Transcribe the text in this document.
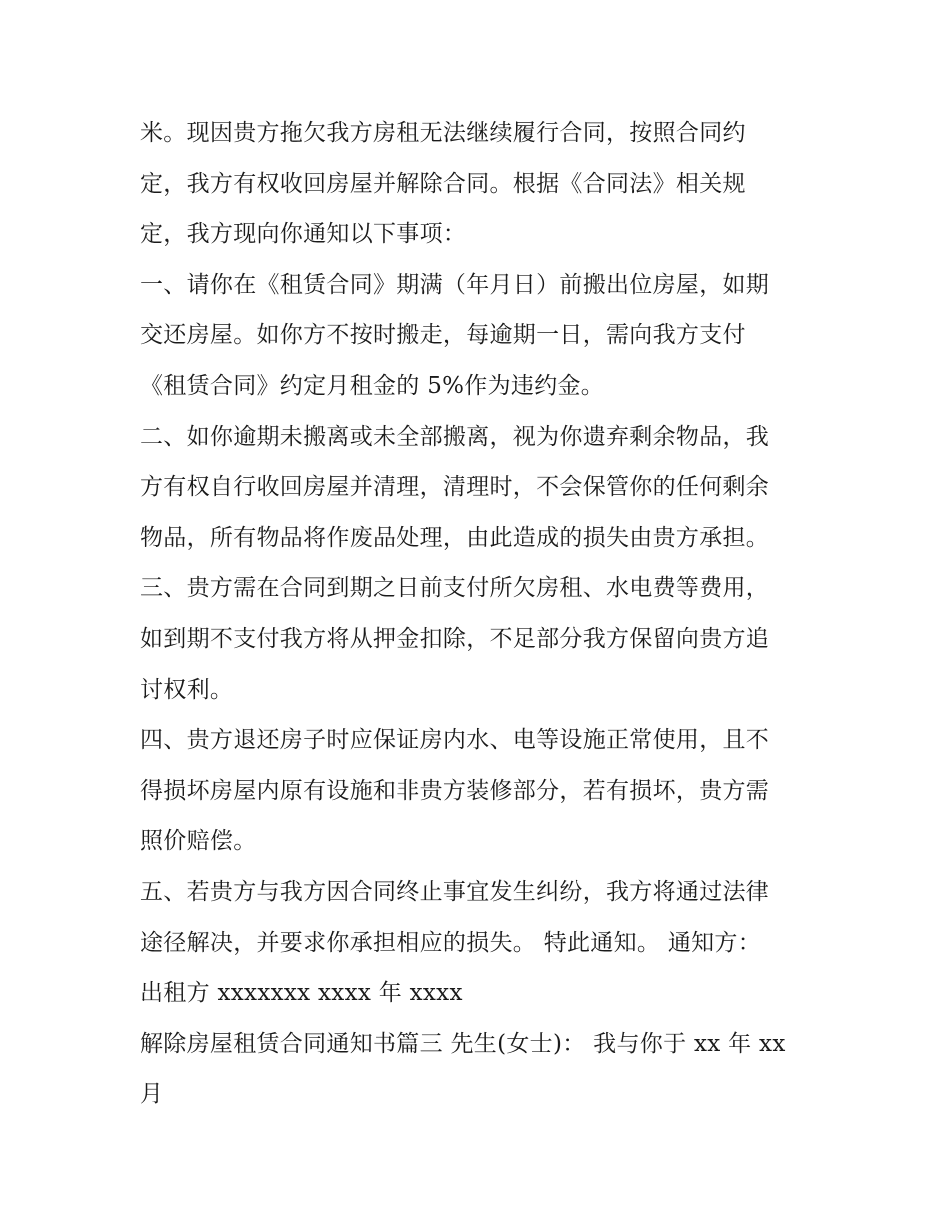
米。现因贵方拖欠我方房租无法继续履行合同，按照合同约
定，我方有权收回房屋并解除合同。根据《合同法》相关规
定，我方现向你通知以下事项：
一、请你在《租赁合同》期满（年月日）前搬出位房屋，如期
交还房屋。如你方不按时搬走，每逾期一日，需向我方支付
《租赁合同》约定月租金的 5%作为违约金。
二、如你逾期未搬离或未全部搬离，视为你遗弃剩余物品，我
方有权自行收回房屋并清理，清理时，不会保管你的任何剩余
物品，所有物品将作废品处理，由此造成的损失由贵方承担。
三、贵方需在合同到期之日前支付所欠房租、水电费等费用，
如到期不支付我方将从押金扣除，不足部分我方保留向贵方追
讨权利。
四、贵方退还房子时应保证房内水、电等设施正常使用，且不
得损坏房屋内原有设施和非贵方装修部分，若有损坏，贵方需
照价赔偿。
五、若贵方与我方因合同终止事宜发生纠纷，我方将通过法律
途径解决，并要求你承担相应的损失。 特此通知。 通知方：
出租方 xxxxxxx xxxx 年 xxxx
解除房屋租赁合同通知书篇三 先生(女士)： 我与你于 xx 年 xx
月
